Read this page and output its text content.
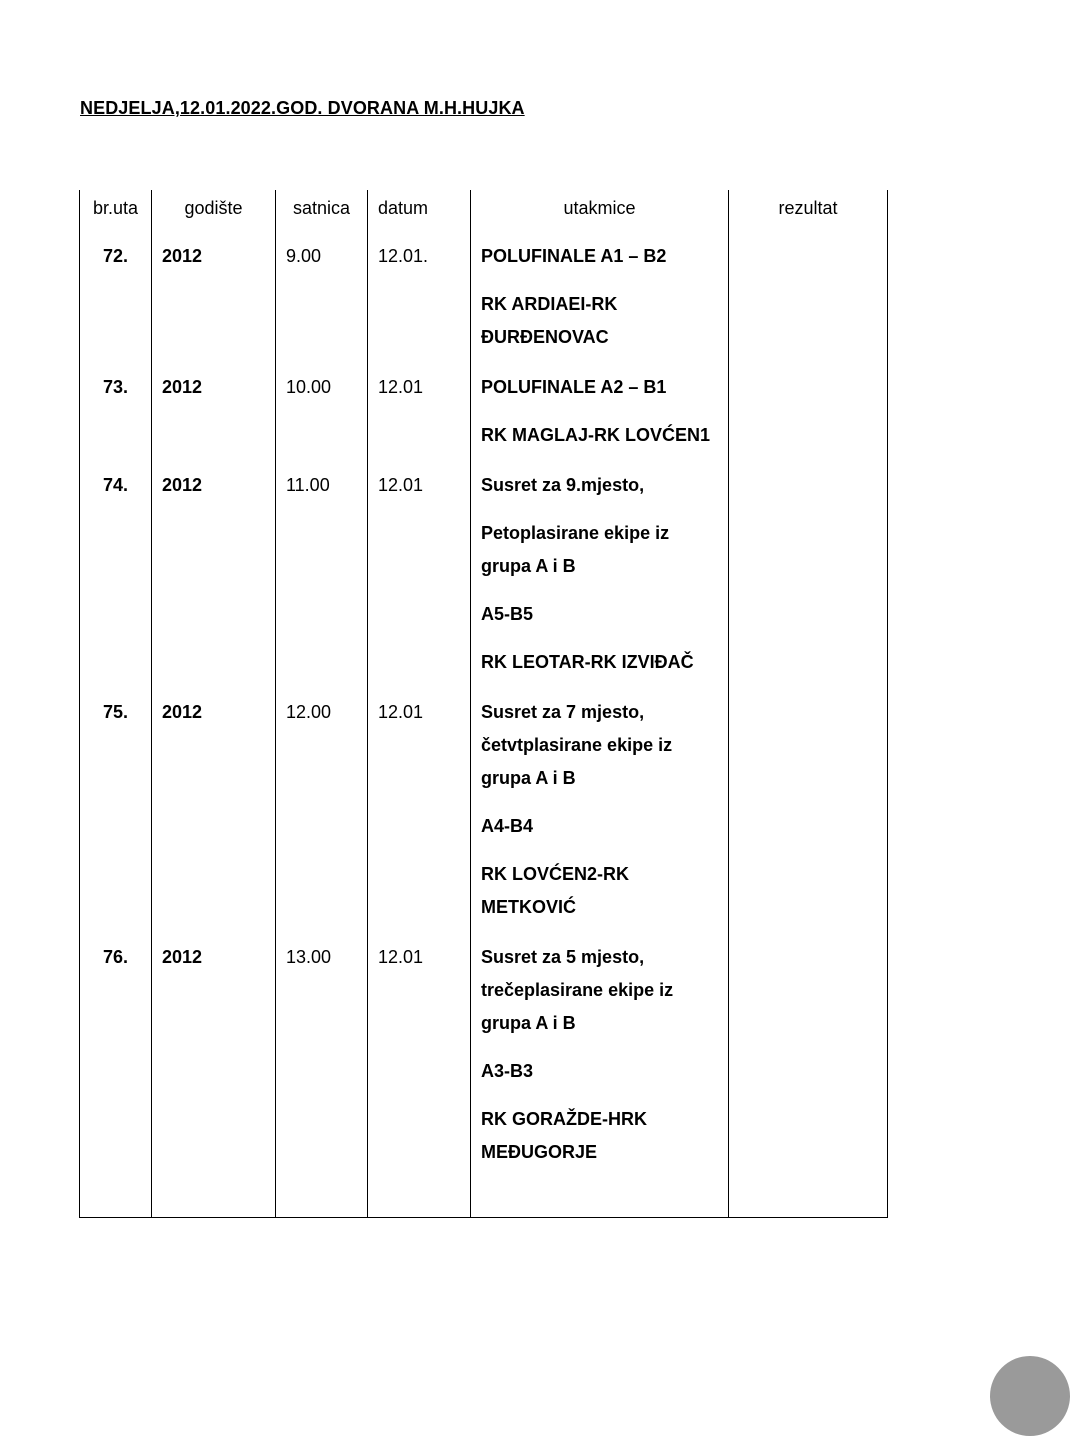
NEDJELJA,12.01.2022.GOD. DVORANA M.H.HUJKA
br.uta	godište	satnica	datum	utakmice	rezultat
72.	2012	9.00	12.01.	POLUFINALE A1 – B2
RK ARDIAEI-RK ĐURĐENOVAC	

73.	2012	10.00	12.01	POLUFINALE A2 – B1
RK MAGLAJ-RK LOVĆEN1	

74.	2012	11.00	12.01	Susret za 9.mjesto,
Petoplasirane ekipe iz grupa A i B
A5-B5
RK LEOTAR-RK IZVIĐAČ	

75.	2012	12.00	12.01	Susret za 7 mjesto, četvtplasirane ekipe iz grupa A i B
A4-B4
RK LOVĆEN2-RK METKOVIĆ	

76.	2012	13.00	12.01	Susret za 5 mjesto, trečeplasirane ekipe iz grupa A i B
A3-B3
RK GORAŽDE-HRK MEĐUGORJE	
